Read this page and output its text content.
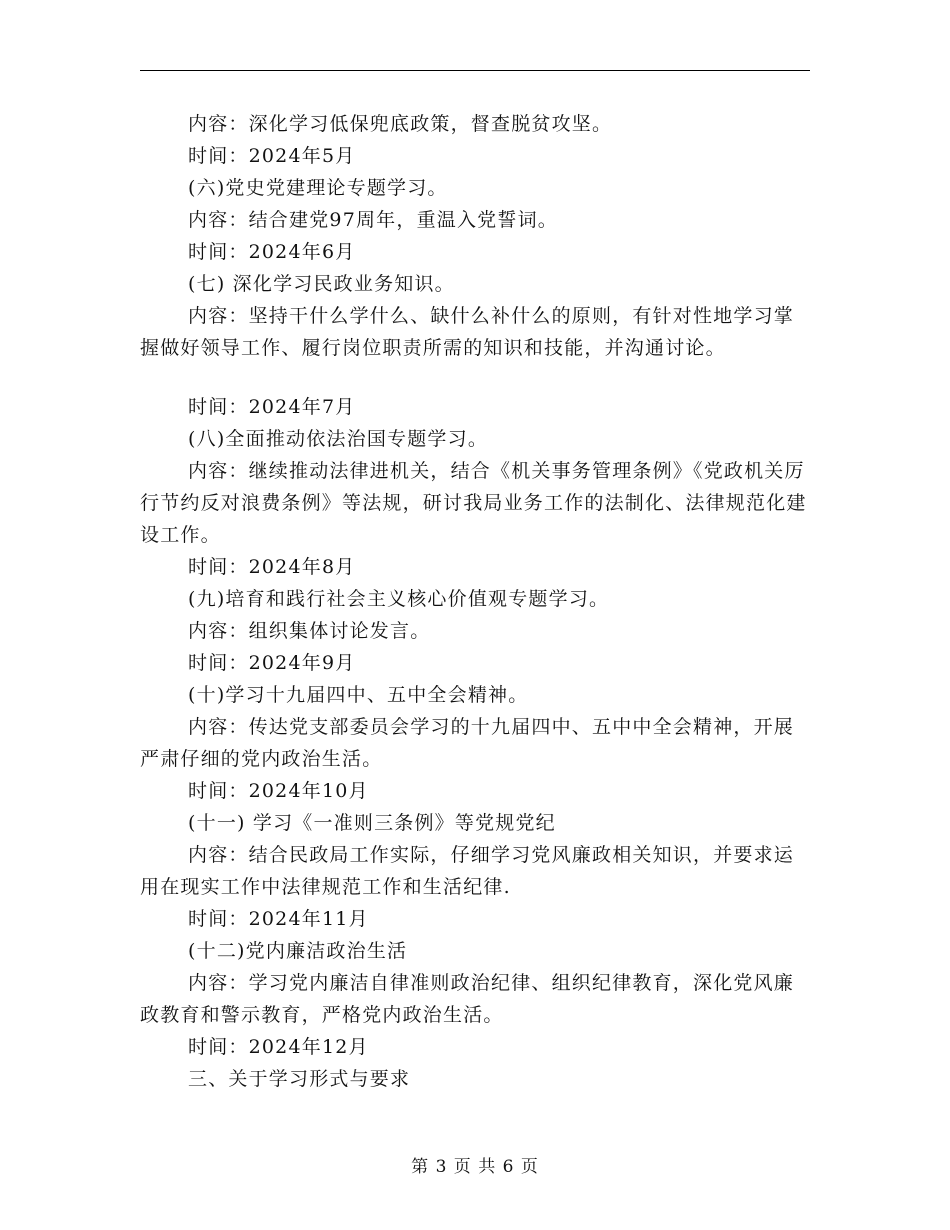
内容：深化学习低保兜底政策，督查脱贫攻坚。

时间：2024年5月

(六)党史党建理论专题学习。

内容：结合建党97周年，重温入党誓词。

时间：2024年6月

(七) 深化学习民政业务知识。

内容：坚持干什么学什么、缺什么补什么的原则，有针对性地学习掌握做好领导工作、履行岗位职责所需的知识和技能，并沟通讨论。

时间：2024年7月

(八)全面推动依法治国专题学习。

内容：继续推动法律进机关，结合《机关事务管理条例》《党政机关厉行节约反对浪费条例》等法规，研讨我局业务工作的法制化、法律规范化建设工作。

时间：2024年8月

(九)培育和践行社会主义核心价值观专题学习。

内容：组织集体讨论发言。

时间：2024年9月

(十)学习十九届四中、五中全会精神。

内容：传达党支部委员会学习的十九届四中、五中中全会精神，开展严肃仔细的党内政治生活。

时间：2024年10月

(十一) 学习《一准则三条例》等党规党纪

内容：结合民政局工作实际，仔细学习党风廉政相关知识，并要求运用在现实工作中法律规范工作和生活纪律.

时间：2024年11月

(十二)党内廉洁政治生活

内容：学习党内廉洁自律准则政治纪律、组织纪律教育，深化党风廉政教育和警示教育，严格党内政治生活。

时间：2024年12月

三、关于学习形式与要求

第 3 页 共 6 页
